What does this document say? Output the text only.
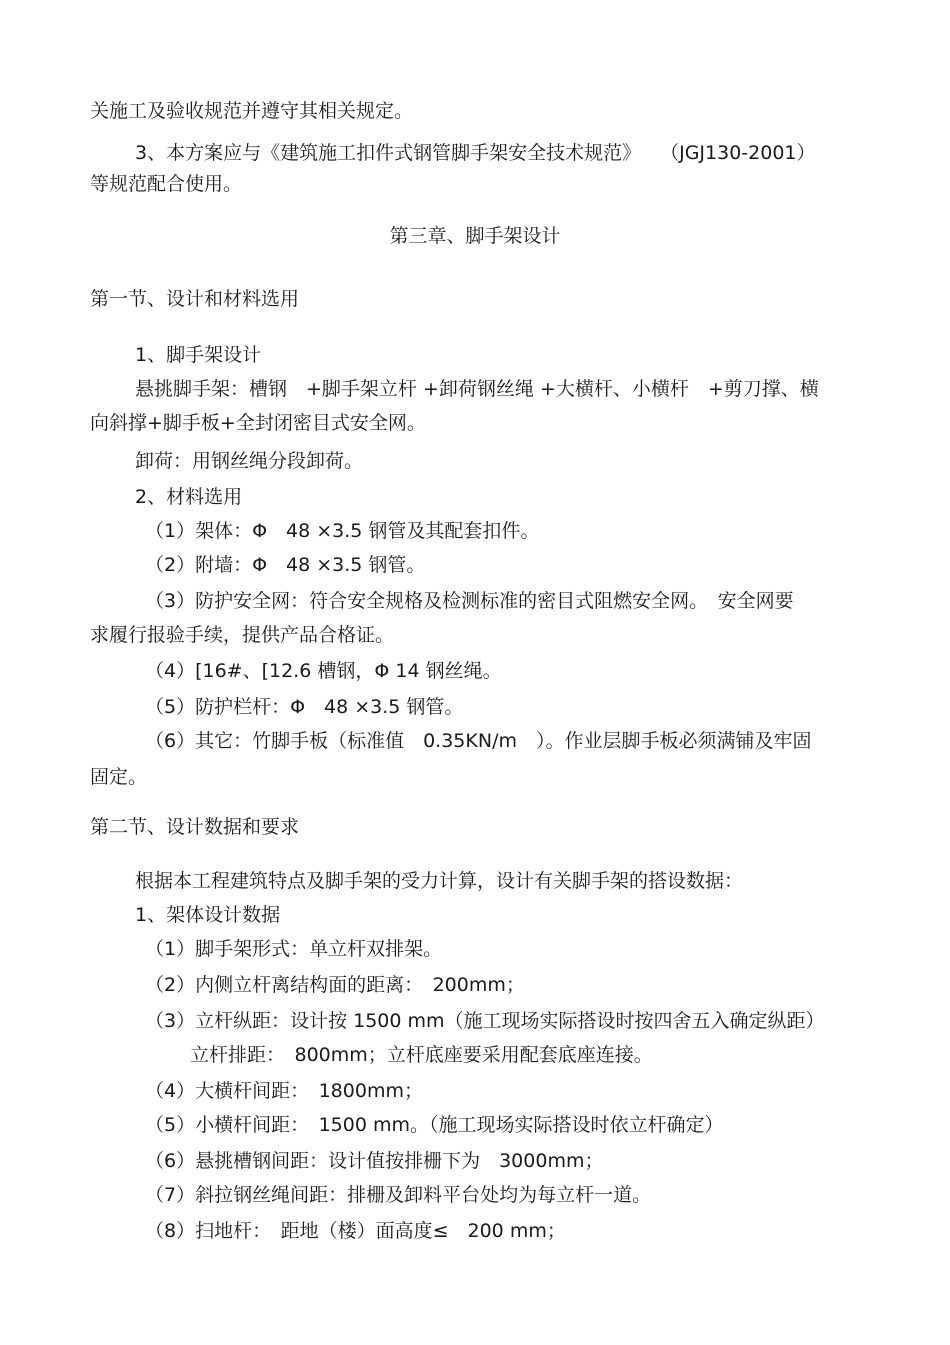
关施工及验收规范并遵守其相关规定。
3、本方案应与《建筑施工扣件式钢管脚手架安全技术规范》　　（JGJ130-2001）
等规范配合使用。
第三章、脚手架设计
第一节、设计和材料选用
1、脚手架设计
悬挑脚手架：槽钢　+脚手架立杆 +卸荷钢丝绳 +大横杆、小横杆　+剪刀撑、横
向斜撑+脚手板+全封闭密目式安全网。
卸荷：用钢丝绳分段卸荷。
2、材料选用
（1）架体：Φ　48 ×3.5 钢管及其配套扣件。
（2）附墙：Φ　48 ×3.5 钢管。
（3）防护安全网：符合安全规格及检测标准的密目式阻燃安全网。　安全网要
求履行报验手续，提供产品合格证。
（4）[16#、[12.6 槽钢，Φ 14 钢丝绳。
（5）防护栏杆：Φ　48 ×3.5 钢管。
（6）其它：竹脚手板（标准值　0.35KN/m　）。作业层脚手板必须满铺及牢固
固定。
第二节、设计数据和要求
根据本工程建筑特点及脚手架的受力计算，设计有关脚手架的搭设数据：
1、架体设计数据
（1）脚手架形式：单立杆双排架。
（2）内侧立杆离结构面的距离：　200mm；
（3）立杆纵距：设计按 1500 mm（施工现场实际搭设时按四舍五入确定纵距）
立杆排距：　800mm；立杆底座要采用配套底座连接。
（4）大横杆间距：　1800mm；
（5）小横杆间距：　1500 mm。（施工现场实际搭设时依立杆确定）
（6）悬挑槽钢间距：设计值按排栅下为　3000mm；
（7）斜拉钢丝绳间距：排栅及卸料平台处均为每立杆一道。
（8）扫地杆：　距地（楼）面高度≤　200 mm；
